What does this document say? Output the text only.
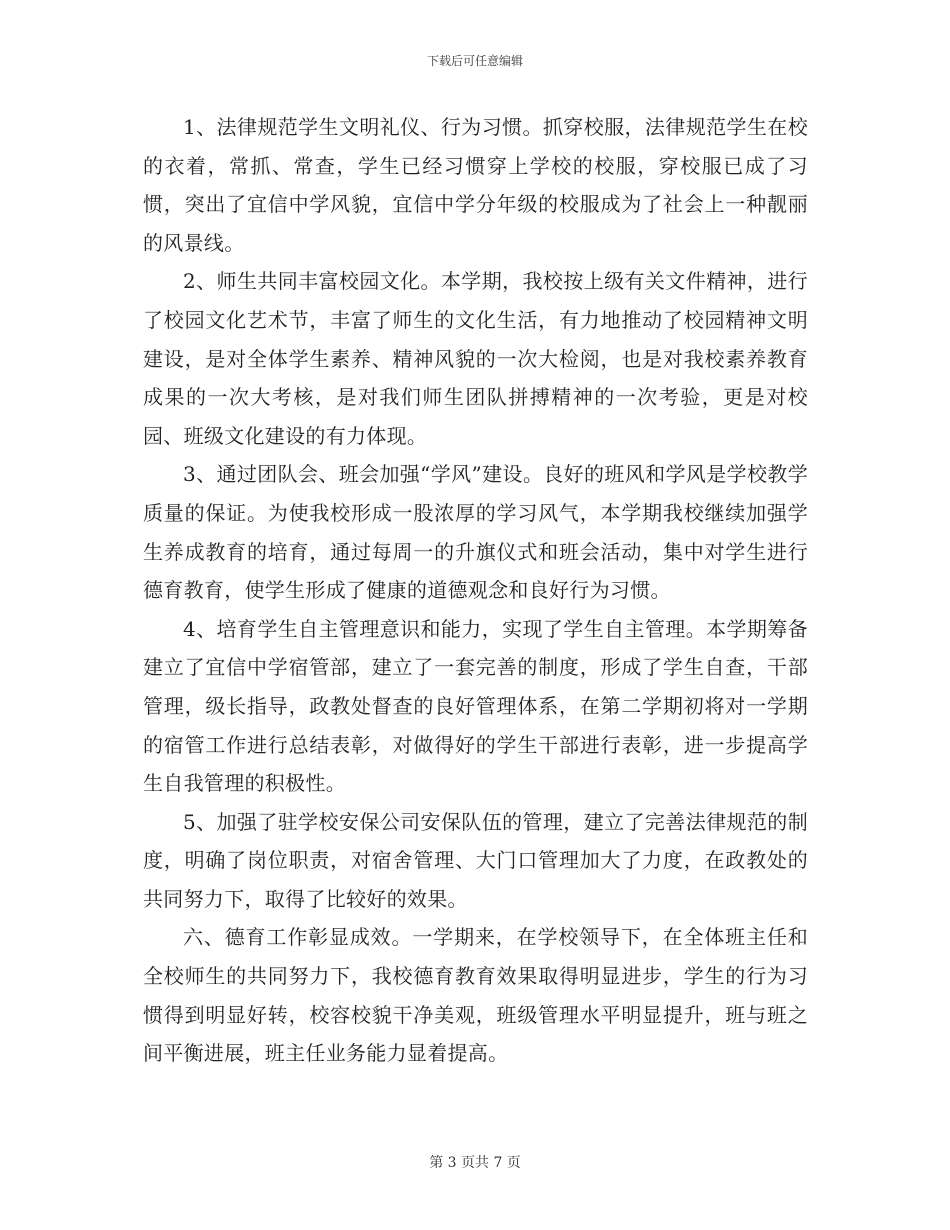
下载后可任意编辑

1、法律规范学生文明礼仪、行为习惯。抓穿校服，法律规范学生在校的衣着，常抓、常查，学生已经习惯穿上学校的校服，穿校服已成了习惯，突出了宜信中学风貌，宜信中学分年级的校服成为了社会上一种靓丽的风景线。

2、师生共同丰富校园文化。本学期，我校按上级有关文件精神，进行了校园文化艺术节，丰富了师生的文化生活，有力地推动了校园精神文明建设，是对全体学生素养、精神风貌的一次大检阅，也是对我校素养教育成果的一次大考核，是对我们师生团队拼搏精神的一次考验，更是对校园、班级文化建设的有力体现。

3、通过团队会、班会加强“学风”建设。良好的班风和学风是学校教学质量的保证。为使我校形成一股浓厚的学习风气，本学期我校继续加强学生养成教育的培育，通过每周一的升旗仪式和班会活动，集中对学生进行德育教育，使学生形成了健康的道德观念和良好行为习惯。

4、培育学生自主管理意识和能力，实现了学生自主管理。本学期筹备建立了宜信中学宿管部，建立了一套完善的制度，形成了学生自查，干部管理，级长指导，政教处督查的良好管理体系，在第二学期初将对一学期的宿管工作进行总结表彰，对做得好的学生干部进行表彰，进一步提高学生自我管理的积极性。

5、加强了驻学校安保公司安保队伍的管理，建立了完善法律规范的制度，明确了岗位职责，对宿舍管理、大门口管理加大了力度，在政教处的共同努力下，取得了比较好的效果。

六、德育工作彰显成效。一学期来，在学校领导下，在全体班主任和全校师生的共同努力下，我校德育教育效果取得明显进步，学生的行为习惯得到明显好转，校容校貌干净美观，班级管理水平明显提升，班与班之间平衡进展，班主任业务能力显着提高。

第 3 页共 7 页
